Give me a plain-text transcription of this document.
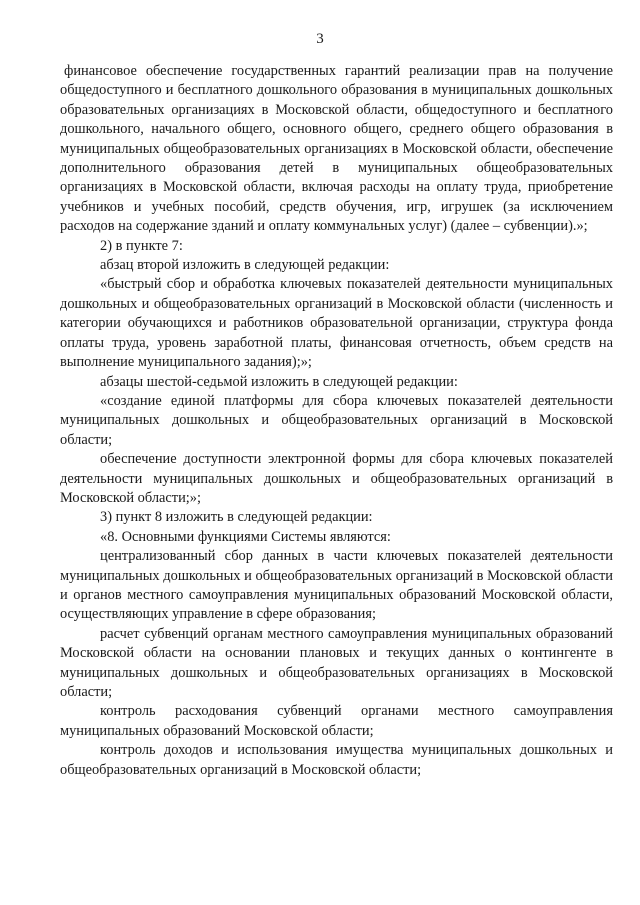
3

финансовое обеспечение государственных гарантий реализации прав на получение общедоступного и бесплатного дошкольного образования в муниципальных дошкольных образовательных организациях в Московской области, общедоступного и бесплатного дошкольного, начального общего, основного общего, среднего общего образования в муниципальных общеобразовательных организациях в Московской области, обеспечение дополнительного образования детей в муниципальных общеобразовательных организациях в Московской области, включая расходы на оплату труда, приобретение учебников и учебных пособий, средств обучения, игр, игрушек (за исключением расходов на содержание зданий и оплату коммунальных услуг) (далее – субвенции).»;

2) в пункте 7:

абзац второй изложить в следующей редакции:

«быстрый сбор и обработка ключевых показателей деятельности муниципальных дошкольных и общеобразовательных организаций в Московской области (численность и категории обучающихся и работников образовательной организации, структура фонда оплаты труда, уровень заработной платы, финансовая отчетность, объем средств на выполнение муниципального задания);»;

абзацы шестой-седьмой изложить в следующей редакции:

«создание единой платформы для сбора ключевых показателей деятельности муниципальных дошкольных и общеобразовательных организаций в Московской области;

обеспечение доступности электронной формы для сбора ключевых показателей деятельности муниципальных дошкольных и общеобразовательных организаций в Московской области;»;

3) пункт 8 изложить в следующей редакции:

«8. Основными функциями Системы являются:

централизованный сбор данных в части ключевых показателей деятельности муниципальных дошкольных и общеобразовательных организаций в Московской области и органов местного самоуправления муниципальных образований Московской области, осуществляющих управление в сфере образования;

расчет субвенций органам местного самоуправления муниципальных образований Московской области на основании плановых и текущих данных о контингенте в муниципальных дошкольных и общеобразовательных организациях в Московской области;

контроль расходования субвенций органами местного самоуправления муниципальных образований Московской области;

контроль доходов и использования имущества муниципальных дошкольных и общеобразовательных организаций в Московской области;
